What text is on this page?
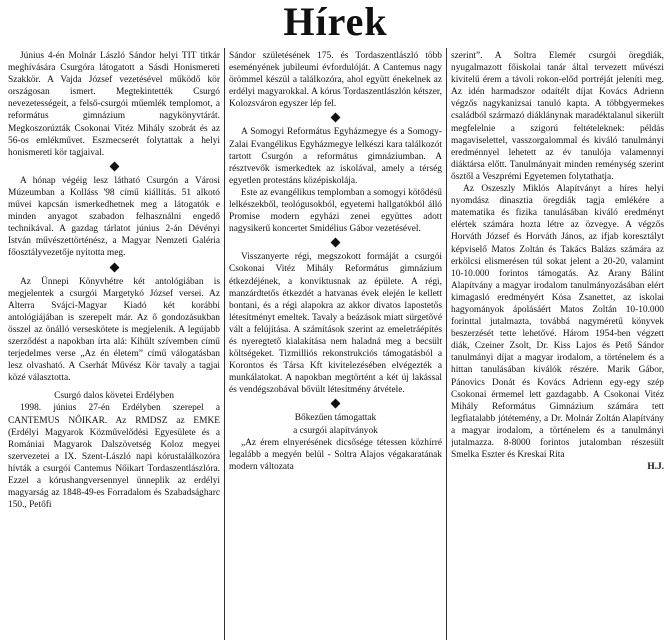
Hírek

Június 4-én Molnár László Sándor helyi TIT titkár meghívására Csurgóra látogatott a Sásdi Honismereti Szakkör. A Vajda József vezetésével működő kör országosan ismert. Megtekintették Csurgó nevezetességeit, a felső-csurgói műemlék templomot, a református gimnázium nagykönyvtárát. Megkoszorúzták Csokonai Vitéz Mihály szobrát és az 56-os emlékművet. Eszmecserét folytattak a helyi honismereti kör tagjaival.

A hónap végéig lesz látható Csurgón a Városi Múzeumban a Kolláss '98 című kiállítás. 51 alkotó művei kapcsán ismerkedhetnek meg a látogatók e minden anyagot szabadon felhasználni engedő technikával. A gazdag tárlatot június 2-án Dévényi István művészettörténész, a Magyar Nemzeti Galéria főosztályvezetője nyitotta meg.

Az Ünnepi Könyvhétre két antológiában is megjelentek a csurgói Margetykó József versei. Az Alterra Svájci-Magyar Kiadó két korábbi antológiájában is szerepelt már. Az ő gondozásukban összel az önálló verseskötete is megjelenik. A legújabb szerződést a napokban írta alá: Kihült szívemben című terjedelmes verse „Az én életem” című válogatásban lesz olvasható. A Cserhát Művész Kör tavaly a tagjai közé választotta.

Csurgó dalos követei Erdélyben

1998. június 27-én Erdélyben szerepel a CANTEMUS NŐIKAR. Az RMDSZ az EMKE (Erdélyi Magyarok Közművelődési Egyesülete és a Romániai Magyarok Dalszövetség Koloz megyei szervezetei a IX. Szent-László napi kórustalálkozóra hívták a csurgói Cantemus Nőikart Tordaszentlászlóra. Ezzel a kórushangversennyel ünneplik az erdélyi magyarság az 1848-49-es Forradalom és Szabadságharc 150., Petőfi

Sándor születésének 175. és Tordaszentlászló több eseményének jubileumi évfordulóját. A Cantemus nagy örömmel készül a találkozóra, ahol együtt énekelnek az erdélyi magyarokkal. A kórus Tordaszentlászlón kétszer, Kolozsváron egyszer lép fel.

A Somogyi Református Egyházmegye és a Somogy-Zalai Evangélikus Egyházmegye lelkészi kara találkozót tartott Csurgón a református gimnáziumban. A résztvevők ismerkedtek az iskolával, amely a térség egyetlen protestáns középiskolája.

Este az evangélikus templomban a somogyi kötődésű lelkészekből, teológusokból, egyetemi hallgatókból álló Promise modern egyházi zenei együttes adott nagysikerű koncertet Smidélius Gábor vezetésével.

Visszanyerte régi, megszokott formáját a csurgói Csokonai Vitéz Mihály Református gimnázium étkezdéjének, a konviktusnak az épülete. A régi, manzárdtetős étkezdét a hatvanas évek elején le kellett bontani, és a régi alapokra az akkor divatos lapostetős létesítményt emeltek. Tavaly a beázások miatt sürgetővé vált a felújítása. A számítások szerint az emeletráépítés és nyeregtető kialakítása nem haladná meg a becsült költségeket. Tizmilliós rekonstrukciós támogatásból a Korontos és Társa Kft kivitelezésében elvégezték a munkálatokat. A napokban megtörtént a két új lakással és vendégszobával bővült létesítmény átvétele.

Bőkezűen támogattak

a csurgói alapítványok

„Az érem elnyerésének dicsősége tétessen közhírré legalább a megyén belül - Soltra Alajos végakaratának modern változata

szerint”. A Soltra Elemér csurgói öregdiák, nyugalmazott főiskolai tanár által tervezett művészi kivitelű érem a távoli rokon-előd portréját jeleníti meg. Az idén harmadszor odaítélt díjat Kovács Adrienn végzős nagykanizsai tanuló kapta. A többgyermekes családból származó diáklánynak maradéktalanul sikerült megfelelnie a szigorú feltételeknek: példás magaviselettel, vasszorgalommal és kiváló tanulmányi eredménnyel lehetett az év tanulója valamennyi diáktársa előtt. Tanulmányait minden reménység szerint ősztől a Veszprémi Egyetemen folytathatja.

Az Oszeszly Miklós Alapítványt a híres helyi nyomdász dinasztia öregdiák tagja emlékére a matematika és fizika tanulásában kiváló eredményt elértek számára hozta létre az özvegye. A végzős Horváth József és Horváth János, az ifjab koresztályt képviselő Matos Zoltán és Takács Balázs számára az erkölcsi elismerésen túl sokat jelent a 20-20, valamint 10-10.000 forintos támogatás. Az Arany Bálint Alapítvány a magyar irodalom tanulmányozásában elért kimagasló eredményért Kósa Zsanettet, az iskolai hagyományok ápolásáért Matos Zoltán 10-10.000 forinttal jutalmazta, továbbá nagyméretű könyvek beszerzését tette lehetővé. Három 1954-ben végzett diák, Czeiner Zsolt, Dr. Kiss Lajos és Pető Sándor tanulmányi díjat a magyar irodalom, a történelem és a hittan tanulásában kiválók részére. Marik Gábor, Pánovics Donát és Kovács Adrienn egy-egy szép Csokonai érmemel lett gazdagabb. A Csokonai Vitéz Mihály Református Gimnázium számára tett legfiatalabb jótétemény, a Dr. Molnár Zoltán Alapítvány a magyar irodalom, a történelem és a tanulmányi jutalmazza. 8-8000 forintos jutalomban részesült Smelka Eszter és Kreskai Rita

H.J.
